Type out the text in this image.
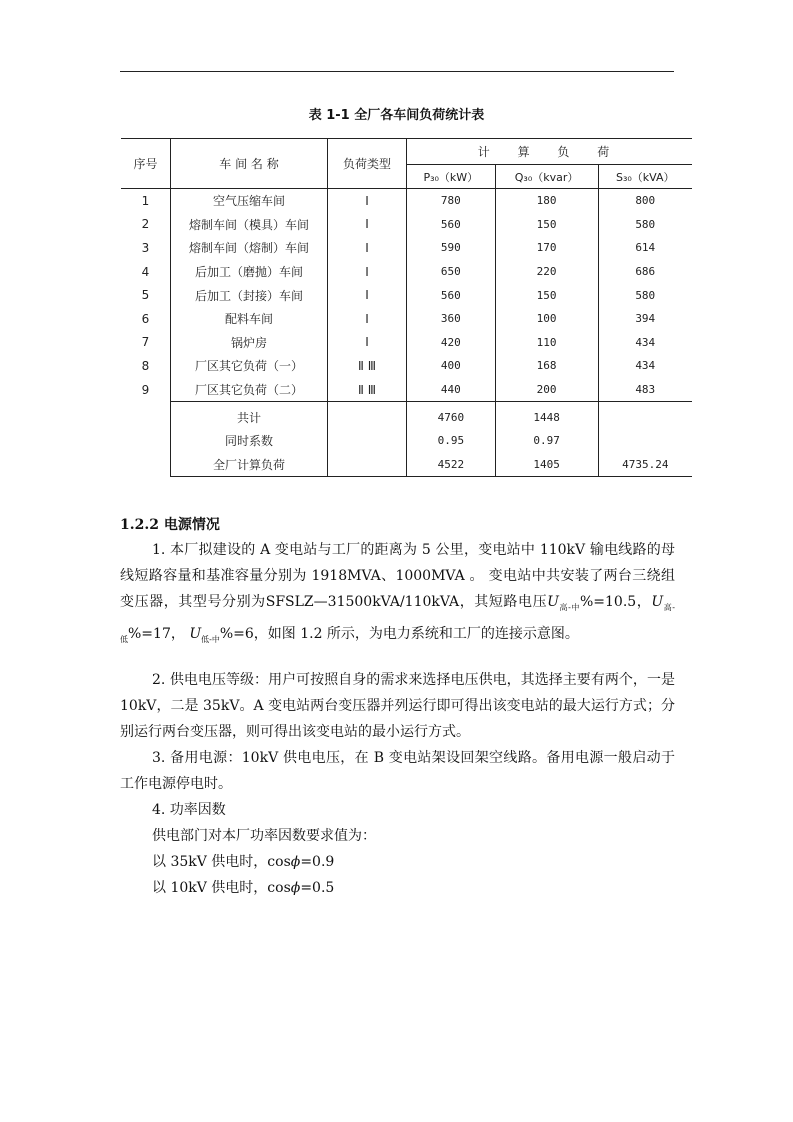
表 1-1 全厂各车间负荷统计表
序号	车 间 名 称	负荷类型	计 算 负 荷		
			P₃₀（kW）	Q₃₀（kvar）	S₃₀（kVA）
1	空气压缩车间	Ⅰ	780	180	800
2	熔制车间（模具）车间	Ⅰ	560	150	580
3	熔制车间（熔制）车间	Ⅰ	590	170	614
4	后加工（磨抛）车间	Ⅰ	650	220	686
5	后加工（封接）车间	Ⅰ	560	150	580
6	配料车间	Ⅰ	360	100	394
7	锅炉房	Ⅰ	420	110	434
8	厂区其它负荷（一）	Ⅱ Ⅲ	400	168	434
9	厂区其它负荷（二）	Ⅱ Ⅲ	440	200	483
	共计		4760	1448	
	同时系数		0.95	0.97	
	全厂计算负荷		4522	1405	4735.24
1.2.2 电源情况
1. 本厂拟建设的 A 变电站与工厂的距离为 5 公里，变电站中 110kV 输电线路的母线短路容量和基准容量分别为 1918MVA、1000MVA 。 变电站中共安装了两台三绕组变压器，其型号分别为SFSLZ—31500kVA/110kVA，其短路电压$U_{高-中}\%=10.5$，$U_{高-低}\%=17$， $U_{低-中}\%=6$，如图 1.2 所示，为电力系统和工厂的连接示意图。
2. 供电电压等级：用户可按照自身的需求来选择电压供电，其选择主要有两个，一是 10kV，二是 35kV。A 变电站两台变压器并列运行即可得出该变电站的最大运行方式；分别运行两台变压器，则可得出该变电站的最小运行方式。
3. 备用电源：10kV 供电电压，在 B 变电站架设回架空线路。备用电源一般启动于工作电源停电时。
4. 功率因数
供电部门对本厂功率因数要求值为：
以 35kV 供电时，cosϕ=0.9
以 10kV 供电时，cosϕ=0.5
